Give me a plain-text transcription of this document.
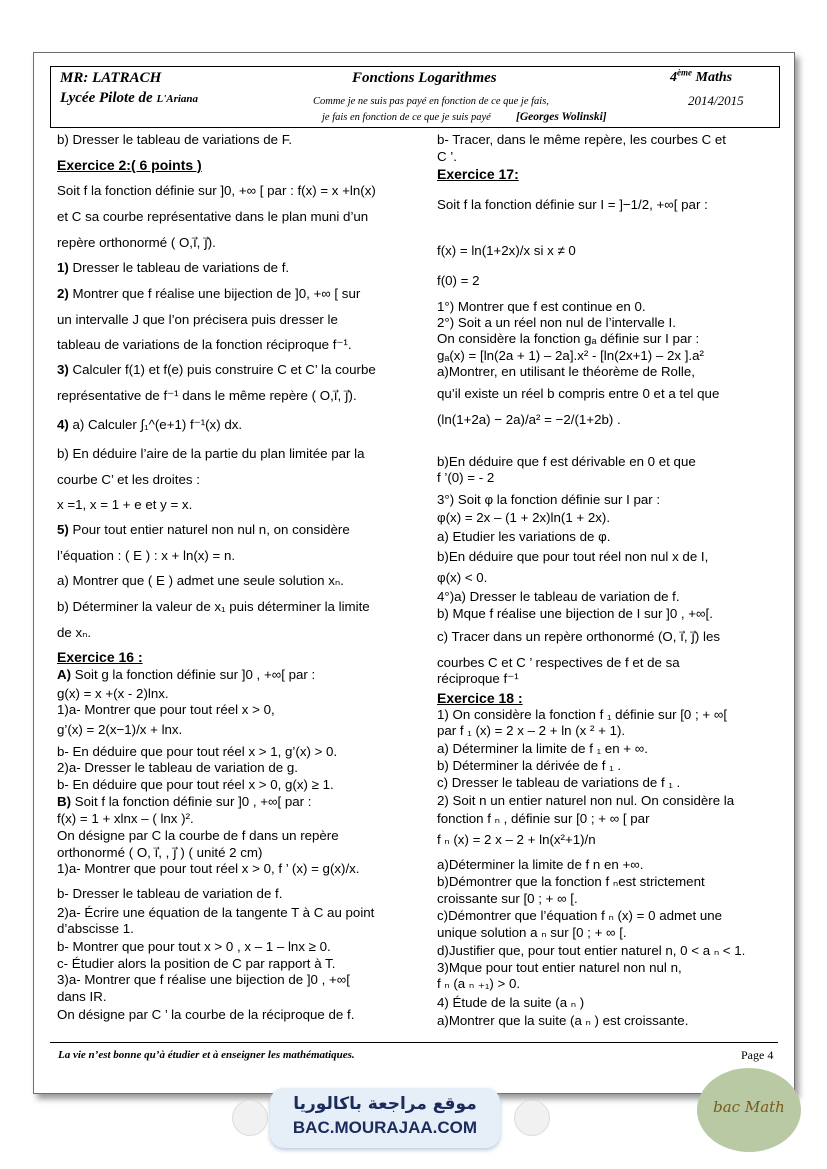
MR: LATRACH
Lycée Pilote de L'Ariana
Fonctions Logarithmes	4ème Maths
2014/2015
Comme je ne suis pas payé en fonction de ce que je fais,
je fais en fonction de ce que je suis payé [Georges Wolinski]
b) Dresser le tableau de variations de F.
Exercice 2:( 6 points )
Soit f la fonction définie sur ]0, +∞ [ par : f(x) = x +ln(x)
et C sa courbe représentative dans le plan muni d’un
repère orthonormé ( O,i⃗, j⃗).
1) Dresser le tableau de variations de f.
2) Montrer que f réalise une bijection de ]0, +∞ [ sur
un intervalle J que l’on précisera puis dresser le
tableau de variations de la fonction réciproque f⁻¹.
3) Calculer f(1) et f(e) puis construire C et C’ la courbe
représentative de f⁻¹ dans le même repère ( O,i⃗, j⃗).
4) a) Calculer ∫₁^(e+1) f⁻¹(x) dx.
b) En déduire l’aire de la partie du plan limitée par la
courbe C’ et les droites :
x =1, x = 1 + e et y = x.
5) Pour tout entier naturel non nul n, on considère
l’équation : ( E ) : x + ln(x) = n.
a) Montrer que ( E ) admet une seule solution xₙ.
b) Déterminer la valeur de x₁ puis déterminer la limite
de xₙ.
Exercice 16 :
A) Soit g la fonction définie sur ]0 , +∞[ par :
g(x) = x +(x - 2)lnx.
1)a- Montrer que pour tout réel x > 0,
g’(x) = 2(x−1)/x + lnx.
b- En déduire que pour tout réel x > 1, g’(x) > 0.
2)a- Dresser le tableau de variation de g.
b- En déduire que pour tout réel x > 0, g(x) ≥ 1.
B) Soit f la fonction définie sur ]0 , +∞[ par :
f(x) = 1 + xlnx – ( lnx )².
On désigne par C la courbe de f dans un repère
orthonormé ( O, i⃗, , j⃗ ) ( unité 2 cm)
1)a- Montrer que pour tout réel x > 0, f ’ (x) = g(x)/x.
b- Dresser le tableau de variation de f.
2)a- Écrire une équation de la tangente T à C au point
d’abscisse 1.
b- Montrer que pour tout x > 0 , x – 1 – lnx ≥ 0.
c- Étudier alors la position de C par rapport à T.
3)a- Montrer que f réalise une bijection de ]0 , +∞[
dans IR.
On désigne par C ’ la courbe de la réciproque de f.
b- Tracer, dans le même repère, les courbes C et
C ’.
Exercice 17:
Soit f la fonction définie sur I = ]−1/2, +∞[ par :
f(x) = ln(1+2x)/x si x ≠ 0
f(0) = 2
1°) Montrer que f est continue en 0.
2°) Soit a un réel non nul de l’intervalle I.
On considère la fonction gₐ définie sur I par :
gₐ(x) = [ln(2a + 1) – 2a].x² - [ln(2x+1) – 2x ].a²
a)Montrer, en utilisant le théorème de Rolle,
qu’il existe un réel b compris entre 0 et a tel que
(ln(1+2a) − 2a)/a² = −2/(1+2b) .
b)En déduire que f est dérivable en 0 et que
f ’(0) = - 2
3°) Soit φ la fonction définie sur I par :
φ(x) = 2x – (1 + 2x)ln(1 + 2x).
a) Etudier les variations de φ.
b)En déduire que pour tout réel non nul x de I,
φ(x) < 0.
4°)a) Dresser le tableau de variation de f.
b) Mque f réalise une bijection de I sur ]0 , +∞[.
c) Tracer dans un repère orthonormé (O, i⃗, j⃗) les
courbes C et C ’ respectives de f et de sa
réciproque f⁻¹
Exercice 18 :
1) On considère la fonction f ₁ définie sur [0 ; + ∞[
par f ₁ (x) = 2 x – 2 + ln (x ² + 1).
a) Déterminer la limite de f ₁ en + ∞.
b) Déterminer la dérivée de f ₁ .
c) Dresser le tableau de variations de f ₁ .
2) Soit n un entier naturel non nul. On considère la
fonction f ₙ , définie sur [0 ; + ∞ [ par
f ₙ (x) = 2 x – 2 + ln(x²+1)/n
a)Déterminer la limite de f n en +∞.
b)Démontrer que la fonction f ₙest strictement
croissante sur [0 ; + ∞ [.
c)Démontrer que l’équation f ₙ (x) = 0 admet une
unique solution a ₙ sur [0 ; + ∞ [.
d)Justifier que, pour tout entier naturel n, 0 < a ₙ < 1.
3)Mque pour tout entier naturel non nul n,
f ₙ (a ₙ ₊₁) > 0.
4) Étude de la suite (a ₙ )
a)Montrer que la suite (a ₙ ) est croissante.
La vie n’est bonne qu’à étudier et à enseigner les mathématiques.	Page 4
موقع مراجعة باكالوريا
BAC.MOURAJAA.COM
bac Math
